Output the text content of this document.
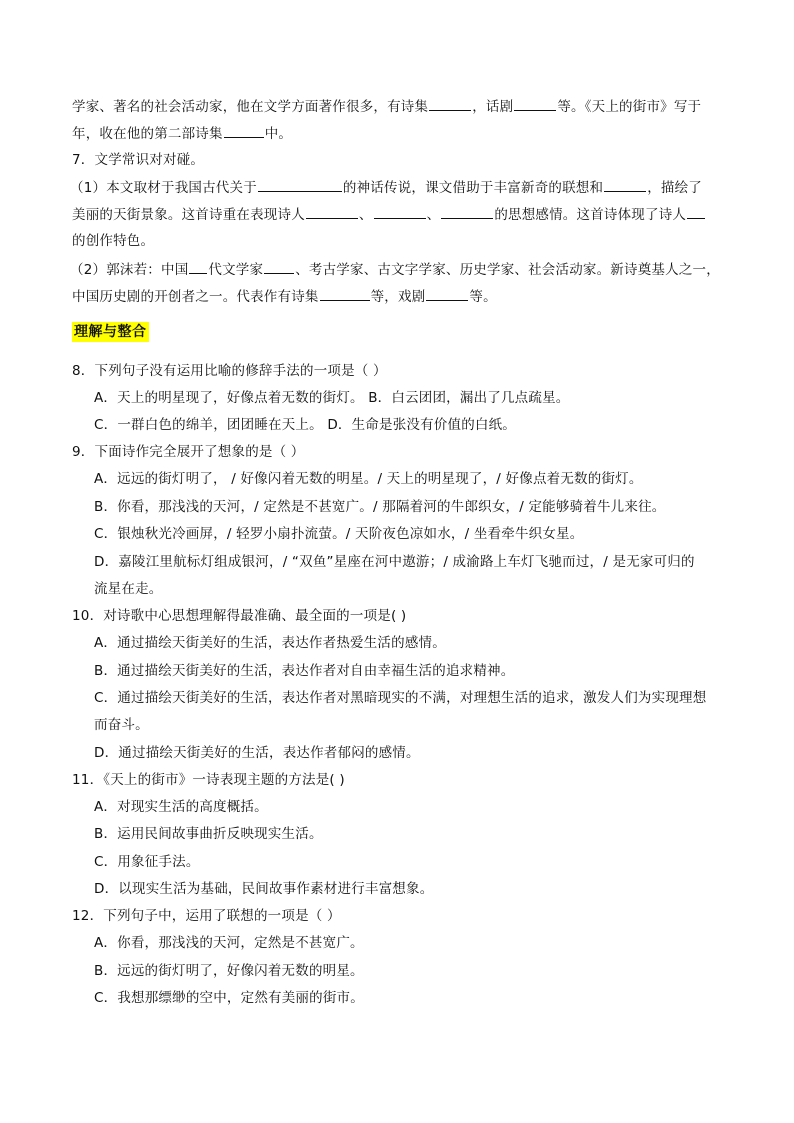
学家、著名的社会活动家，他在文学方面著作很多，有诗集	，话剧	等。《天上的街市》写于
年，收在他的第二部诗集	中。
7．文学常识对对碰。
（1）本文取材于我国古代关于	的神话传说，课文借助于丰富新奇的联想和	，描绘了
美丽的天街景象。这首诗重在表现诗人	、	、	的思想感情。这首诗体现了诗人
的创作特色。
（2）郭沫若：中国 代文学家 、考古学家、古文字学家、历史学家、社会活动家。新诗奠基人之一，
中国历史剧的开创者之一。代表作有诗集	等，戏剧	等。
理解与整合
8．下列句子没有运用比喻的修辞手法的一项是（ ）
A．天上的明星现了，好像点着无数的街灯。 B．白云团团，漏出了几点疏星。
C．一群白色的绵羊，团团睡在天上。 D．生命是张没有价值的白纸。
9．下面诗作完全展开了想象的是（ ）
A．远远的街灯明了， / 好像闪着无数的明星。/ 天上的明星现了，/ 好像点着无数的街灯。
B．你看，那浅浅的天河，/ 定然是不甚宽广。/ 那隔着河的牛郎织女，/ 定能够骑着牛儿来往。
C．银烛秋光冷画屏，/ 轻罗小扇扑流萤。/ 天阶夜色凉如水，/ 坐看牵牛织女星。
D．嘉陵江里航标灯组成银河，/ “双鱼”星座在河中遨游；/ 成渝路上车灯飞驰而过，/ 是无家可归的
流星在走。
10．对诗歌中心思想理解得最准确、最全面的一项是( )
A．通过描绘天街美好的生活，表达作者热爱生活的感情。
B．通过描绘天街美好的生活，表达作者对自由幸福生活的追求精神。
C．通过描绘天街美好的生活，表达作者对黑暗现实的不满，对理想生活的追求，激发人们为实现理想
而奋斗。
D．通过描绘天街美好的生活，表达作者郁闷的感情。
11．《天上的街市》一诗表现主题的方法是( )
A．对现实生活的高度概括。
B．运用民间故事曲折反映现实生活。
C．用象征手法。
D．以现实生活为基础，民间故事作素材进行丰富想象。
12．下列句子中，运用了联想的一项是（ ）
A．你看，那浅浅的天河，定然是不甚宽广。
B．远远的街灯明了，好像闪着无数的明星。
C．我想那缥缈的空中，定然有美丽的街市。
